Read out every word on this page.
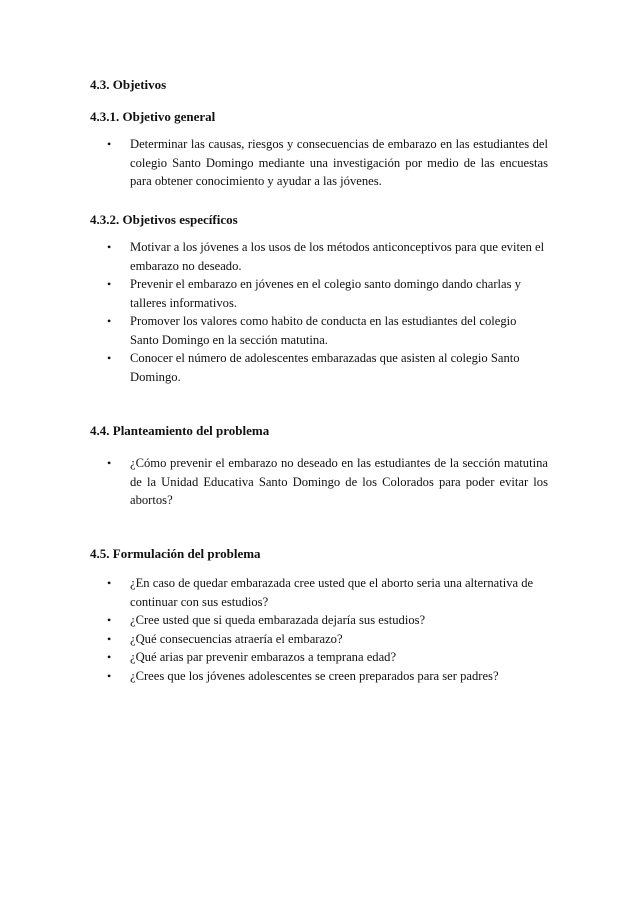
4.3. Objetivos
4.3.1. Objetivo general
• Determinar las causas, riesgos y consecuencias de embarazo en las estudiantes del colegio Santo Domingo mediante una investigación por medio de las encuestas para obtener conocimiento y ayudar a las jóvenes.
4.3.2. Objetivos específicos
• Motivar a los jóvenes a los usos de los métodos anticonceptivos para que eviten el embarazo no deseado.
• Prevenir el embarazo en jóvenes en el colegio santo domingo dando charlas y talleres informativos.
• Promover los valores como habito de conducta en las estudiantes del colegio Santo Domingo en la sección matutina.
• Conocer el número de adolescentes embarazadas que asisten al colegio Santo Domingo.
4.4. Planteamiento del problema
• ¿Cómo prevenir el embarazo no deseado en las estudiantes de la sección matutina de la Unidad Educativa Santo Domingo de los Colorados para poder evitar los abortos?
4.5. Formulación del problema
• ¿En caso de quedar embarazada cree usted que el aborto seria una alternativa de continuar con sus estudios?
• ¿Cree usted que si queda embarazada dejaría sus estudios?
• ¿Qué consecuencias atraería el embarazo?
• ¿Qué arias par prevenir embarazos a temprana edad?
• ¿Crees que los jóvenes adolescentes se creen preparados para ser padres?
